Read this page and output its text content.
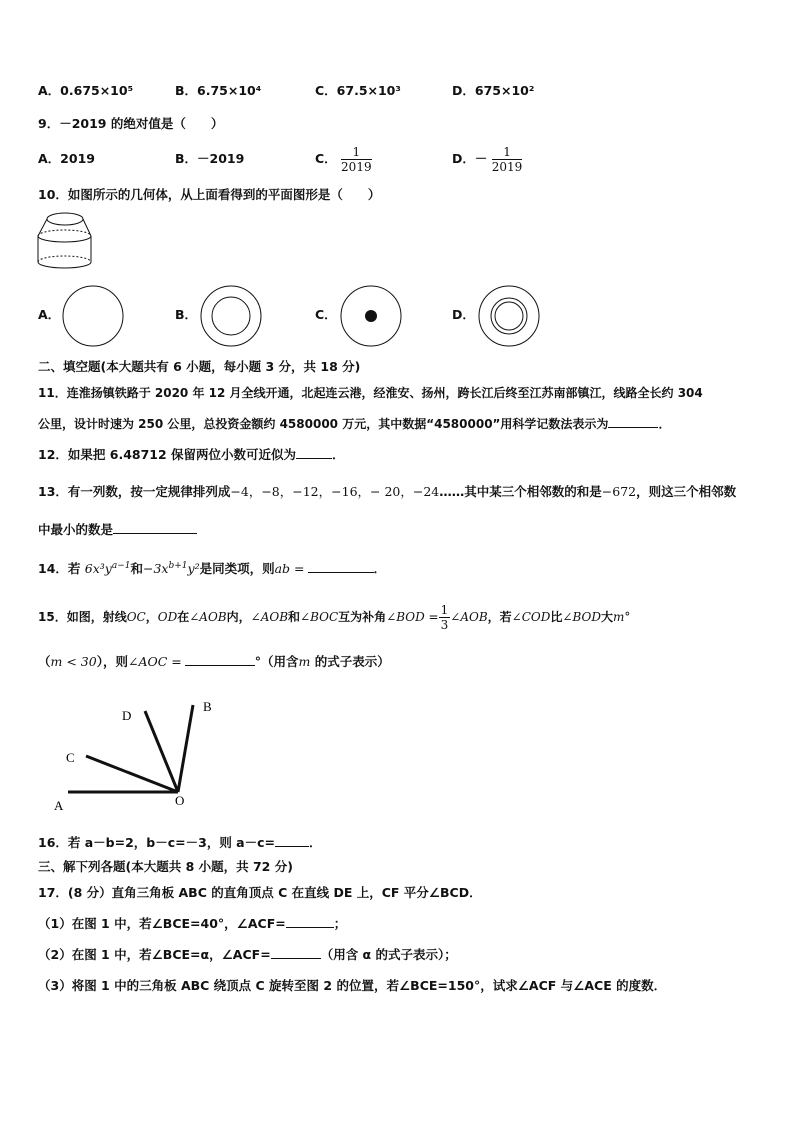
A．0.675×10⁵	B．6.75×10⁴	C．67.5×10³	D．675×10²
9．－2019 的绝对值是（　　）
A．2019	B．－2019	C． $\frac{1}{2019}$	D．－ $\frac{1}{2019}$
10．如图所示的几何体，从上面看得到的平面图形是（　　）
A．	B．	C．	D．
二、填空题(本大题共有 6 小题，每小题 3 分，共 18 分)
11．连淮扬镇铁路于 2020 年 12 月全线开通，北起连云港，经淮安、扬州，跨长江后终至江苏南部镇江，线路全长约 304
公里，设计时速为 250 公里，总投资金额约 4580000 万元，其中数据“4580000”用科学记数法表示为	．
12．如果把 6.48712 保留两位小数可近似为	．
13．有一列数，按一定规律排列成−4，−8，−12，−16，− 20，−24……其中某三个相邻数的和是−672，则这三个相邻数
中最小的数是
14．若 $6x^3y^{a-1}$和$-3x^{b+1}y^2$是同类项，则ab =	．
15．如图，射线OC，OD在∠AOB内，∠AOB和∠BOC互为补角∠BOD = $\frac{1}{3}$ ∠AOB，若∠COD比∠BOD大m°
（m < 30），则∠AOC =	°（用含m 的式子表示）
A	O
B
C
D
16．若 a－b=2，b－c=－3，则 a－c=	．
三、解下列各题(本大题共 8 小题，共 72 分)
17．(8 分）直角三角板 ABC 的直角顶点 C 在直线 DE 上，CF 平分∠BCD．
（1）在图 1 中，若∠BCE=40°，∠ACF=	；
（2）在图 1 中，若∠BCE=α，∠ACF=	（用含 α 的式子表示）；
（3）将图 1 中的三角板 ABC 绕顶点 C 旋转至图 2 的位置，若∠BCE=150°，试求∠ACF 与∠ACE 的度数．
